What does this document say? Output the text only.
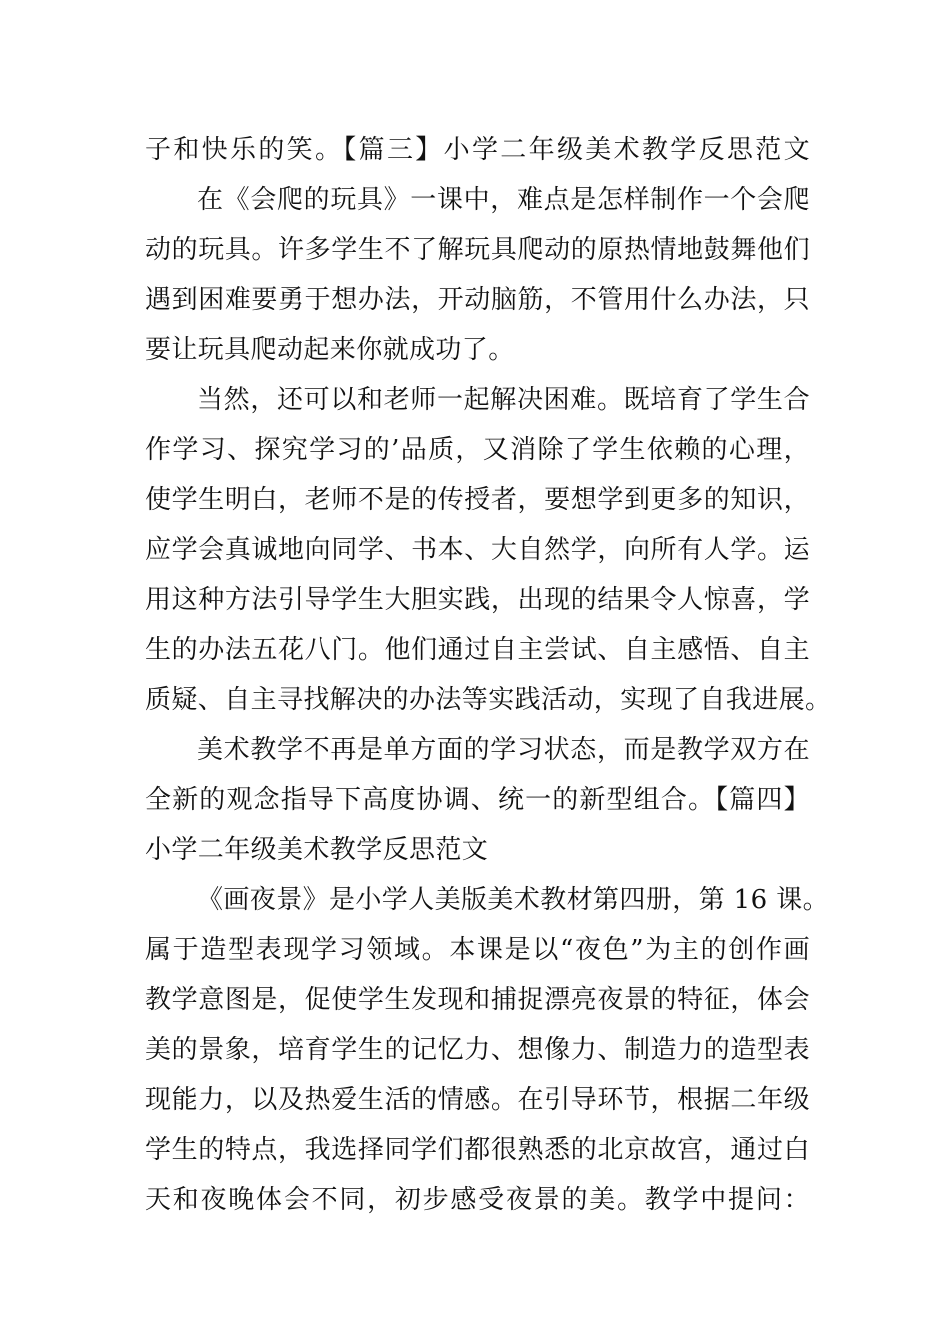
子和快乐的笑。【篇三】小学二年级美术教学反思范文
在《会爬的玩具》一课中，难点是怎样制作一个会爬
动的玩具。许多学生不了解玩具爬动的原热情地鼓舞他们
遇到困难要勇于想办法，开动脑筋，不管用什么办法，只
要让玩具爬动起来你就成功了。
当然，还可以和老师一起解决困难。既培育了学生合
作学习、探究学习的’品质，又消除了学生依赖的心理，
使学生明白，老师不是的传授者，要想学到更多的知识，
应学会真诚地向同学、书本、大自然学，向所有人学。运
用这种方法引导学生大胆实践，出现的结果令人惊喜，学
生的办法五花八门。他们通过自主尝试、自主感悟、自主
质疑、自主寻找解决的办法等实践活动，实现了自我进展。
美术教学不再是单方面的学习状态，而是教学双方在
全新的观念指导下高度协调、统一的新型组合。【篇四】
小学二年级美术教学反思范文
《画夜景》是小学人美版美术教材第四册，第 16 课。
属于造型表现学习领域。本课是以“夜色”为主的创作画
教学意图是，促使学生发现和捕捉漂亮夜景的特征，体会
美的景象，培育学生的记忆力、想像力、制造力的造型表
现能力，以及热爱生活的情感。在引导环节，根据二年级
学生的特点，我选择同学们都很熟悉的北京故宫，通过白
天和夜晚体会不同，初步感受夜景的美。教学中提问：
